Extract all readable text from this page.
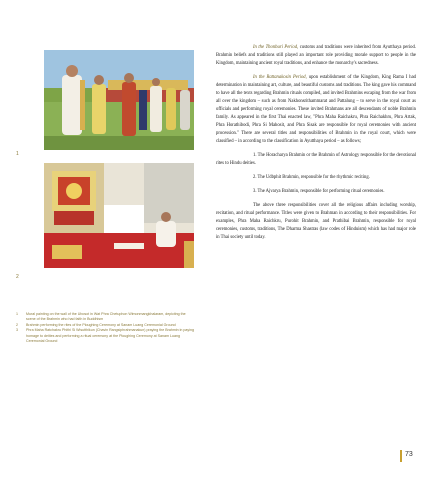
1
2
1	Mural painting on the wall of the Ubosot in Wat Phra Chetuphon Wimonmangkhalaram, depicting the scene of the Brahmin who had faith in Buddhism
2	Brahmin performing the rites of the Ploughing Ceremony at Sanam Luang Ceremonial Ground
3	Phra Maha Ratchakru Phithi Si Wisutthikun (Chavin Rangsiphrahmanakun) praying the Brahmin in paying homage to deities and performing a ritual ceremony at the Ploughing Ceremony at Sanam Luang Ceremonial Ground

In the Thonburi Period, customs and traditions were inherited from Ayutthaya period. Brahmin beliefs and traditions still played an important role providing morale support to people in the Kingdom, maintaining ancient royal traditions, and enhance the monarchy's sacredness.

In the Rattanakosin Period, upon establishment of the Kingdom, King Rama I had determination in maintaining art, culture, and beautiful customs and traditions. The king gave his command to have all the texts regarding Brahmin rituals compiled, and invited Brahmins escaping from the war from all over the kingdom – such as from Nakhonsrithammarat and Pattalung – to serve in the royal court as officials and performing royal ceremonies. These invited Brahmans are all descendants of noble Brahmin family. As appeared in the first Thai enacted law, "Phra Maha Raichakru, Phra Raichakhru, Phra Artak, Phra Horathibodi, Phra Si Mahosit, and Phra Sisak are responsible for royal ceremonies with ancient procession." There are several titles and responsibilities of Brahmin in the royal court, which were classified – in according to the classification in Ayutthaya period – as follows;

1. The Horacharya Brahmin or the Brahmin of Astrology responsible for the devotional rites to Hindu deities.

2. The Udbphit Brahmin, responsible for the rhythmic reciting.

3. The Ajvarya Brahmin, responsible for performing ritual ceremonies.

The above three responsibilities cover all the religious affairs including worship, recitation, and ritual performance. Titles were given to Brahman in according to their responsibilities. For examples, Phra Maha Raichkru, Purohit Brahmin, and Prathibai Brahmin, responsible for royal ceremonies, customs, traditions, The Dharma Shastras (law codes of Hinduism) which has had major role in Thai society until today.

73
